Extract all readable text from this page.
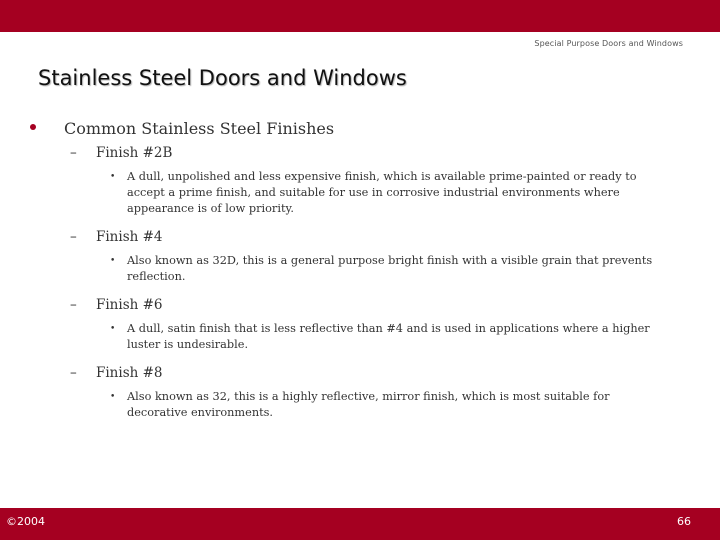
Special Purpose Doors and Windows
Stainless Steel Doors and Windows
Common Stainless Steel Finishes
– Finish #2B
• A dull, unpolished and less expensive finish, which is available prime-painted or ready to accept a prime finish, and suitable for use in corrosive industrial environments where appearance is of low priority.
– Finish #4
• Also known as 32D, this is a general purpose bright finish with a visible grain that prevents reflection.
– Finish #6
• A dull, satin finish that is less reflective than #4 and is used in applications where a higher luster is undesirable.
– Finish #8
• Also known as 32, this is a highly reflective, mirror finish, which is most suitable for decorative environments.
©2004	66
